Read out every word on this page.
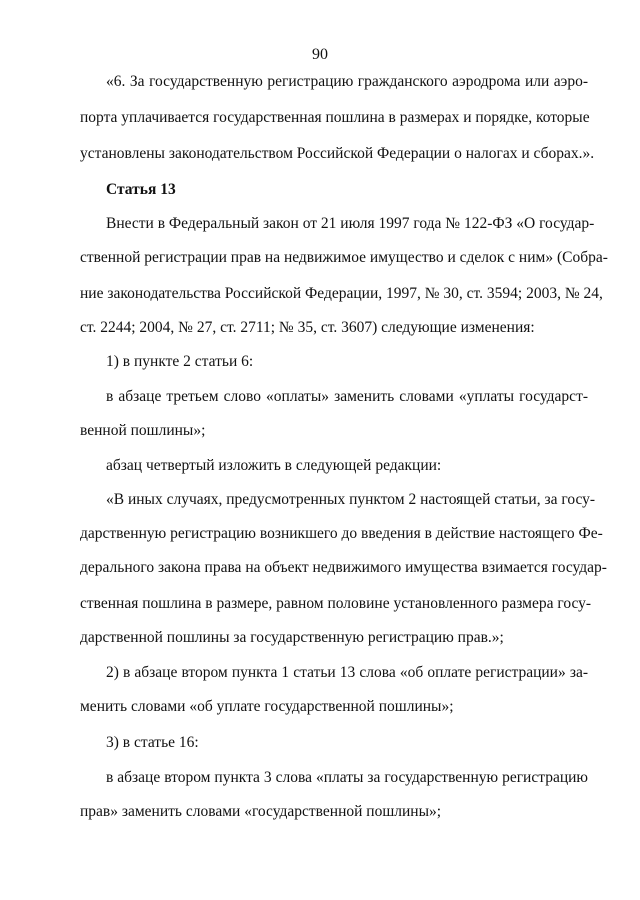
90
«6. За государственную регистрацию гражданского аэродрома или аэро-
порта уплачивается государственная пошлина в размерах и порядке, которые
установлены законодательством Российской Федерации о налогах и сборах.».
Статья 13
Внести в Федеральный закон от 21 июля 1997 года № 122-ФЗ «О государ-
ственной регистрации прав на недвижимое имущество и сделок с ним» (Собра-
ние законодательства Российской Федерации, 1997, № 30, ст. 3594; 2003, № 24,
ст. 2244; 2004, № 27, ст. 2711; № 35, ст. 3607) следующие изменения:
1) в пункте 2 статьи 6:
в абзаце третьем слово «оплаты» заменить словами «уплаты государст-
венной пошлины»;
абзац четвертый изложить в следующей редакции:
«В иных случаях, предусмотренных пунктом 2 настоящей статьи, за госу-
дарственную регистрацию возникшего до введения в действие настоящего Фе-
дерального закона права на объект недвижимого имущества взимается государ-
ственная пошлина в размере, равном половине установленного размера госу-
дарственной пошлины за государственную регистрацию прав.»;
2) в абзаце втором пункта 1 статьи 13 слова «об оплате регистрации» за-
менить словами «об уплате государственной пошлины»;
3) в статье 16:
в абзаце втором пункта 3 слова «платы за государственную регистрацию
прав» заменить словами «государственной пошлины»;
